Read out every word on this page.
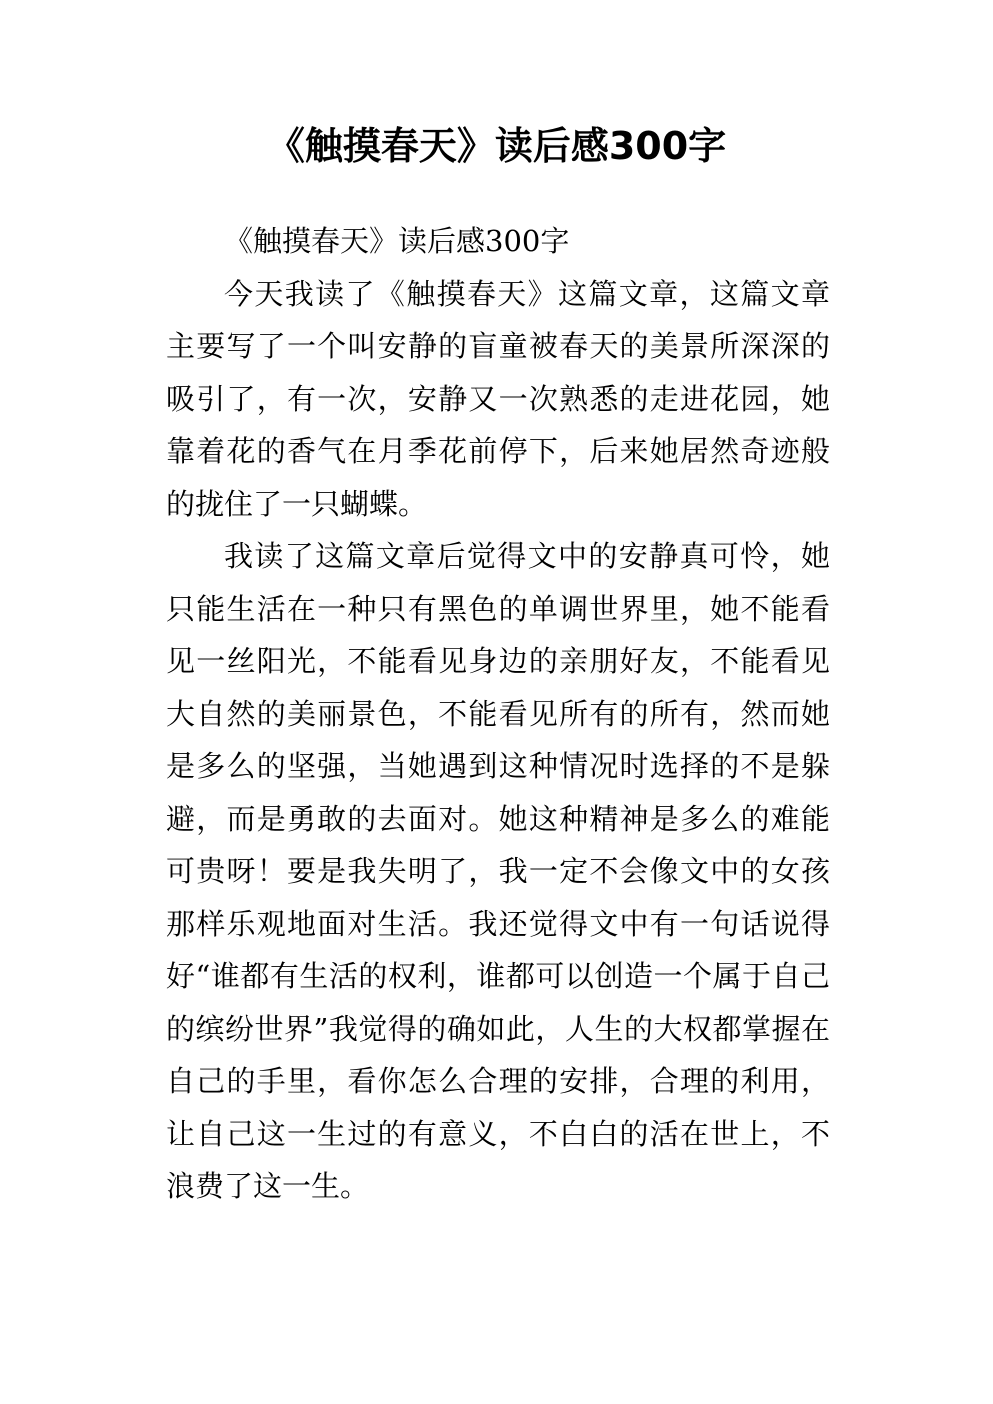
《触摸春天》读后感300字

《触摸春天》读后感300字

今天我读了《触摸春天》这篇文章，这篇文章主要写了一个叫安静的盲童被春天的美景所深深的吸引了，有一次，安静又一次熟悉的走进花园，她靠着花的香气在月季花前停下，后来她居然奇迹般的拢住了一只蝴蝶。

我读了这篇文章后觉得文中的安静真可怜，她只能生活在一种只有黑色的单调世界里，她不能看见一丝阳光，不能看见身边的亲朋好友，不能看见大自然的美丽景色，不能看见所有的所有，然而她是多么的坚强，当她遇到这种情况时选择的不是躲避，而是勇敢的去面对。她这种精神是多么的难能可贵呀！要是我失明了，我一定不会像文中的女孩那样乐观地面对生活。我还觉得文中有一句话说得好“谁都有生活的权利，谁都可以创造一个属于自己的缤纷世界”我觉得的确如此，人生的大权都掌握在自己的手里，看你怎么合理的安排，合理的利用，让自己这一生过的有意义，不白白的活在世上，不浪费了这一生。
